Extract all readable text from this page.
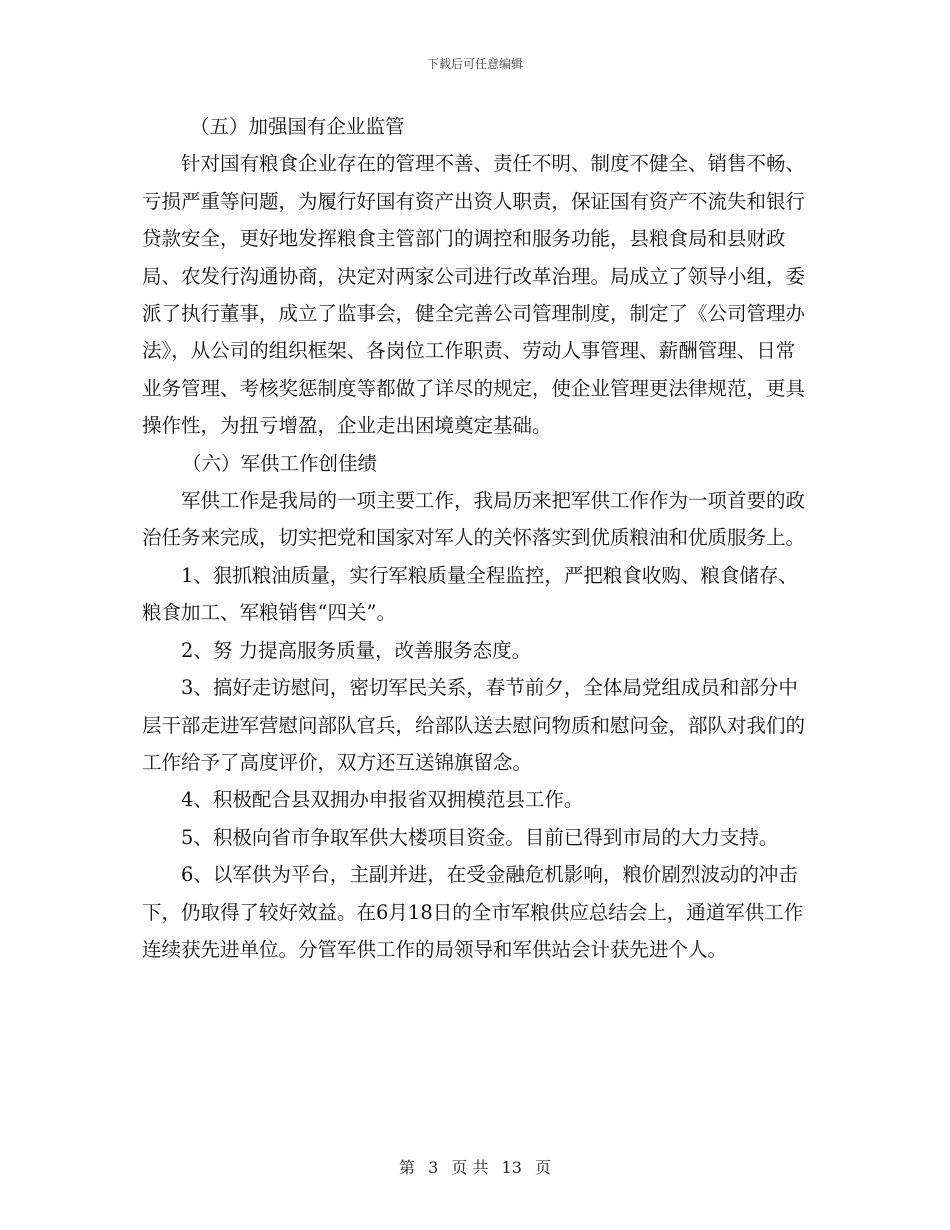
下载后可任意编辑

（五）加强国有企业监管

针对国有粮食企业存在的管理不善、责任不明、制度不健全、销售不畅、亏损严重等问题，为履行好国有资产出资人职责，保证国有资产不流失和银行贷款安全，更好地发挥粮食主管部门的调控和服务功能，县粮食局和县财政局、农发行沟通协商，决定对两家公司进行改革治理。局成立了领导小组，委派了执行董事，成立了监事会，健全完善公司管理制度，制定了《公司管理办法》，从公司的组织框架、各岗位工作职责、劳动人事管理、薪酬管理、日常业务管理、考核奖惩制度等都做了详尽的规定，使企业管理更法律规范，更具操作性，为扭亏增盈，企业走出困境奠定基础。

（六）军供工作创佳绩

军供工作是我局的一项主要工作，我局历来把军供工作作为一项首要的政治任务来完成，切实把党和国家对军人的关怀落实到优质粮油和优质服务上。

1、狠抓粮油质量，实行军粮质量全程监控，严把粮食收购、粮食储存、粮食加工、军粮销售“四关”。

2、努 力提高服务质量，改善服务态度。

3、搞好走访慰问，密切军民关系，春节前夕，全体局党组成员和部分中层干部走进军营慰问部队官兵，给部队送去慰问物质和慰问金，部队对我们的工作给予了高度评价，双方还互送锦旗留念。

4、积极配合县双拥办申报省双拥模范县工作。

5、积极向省市争取军供大楼项目资金。目前已得到市局的大力支持。

6、以军供为平台，主副并进，在受金融危机影响，粮价剧烈波动的冲击下，仍取得了较好效益。在6月18日的全市军粮供应总结会上，通道军供工作连续获先进单位。分管军供工作的局领导和军供站会计获先进个人。

第 3 页 共 13 页
